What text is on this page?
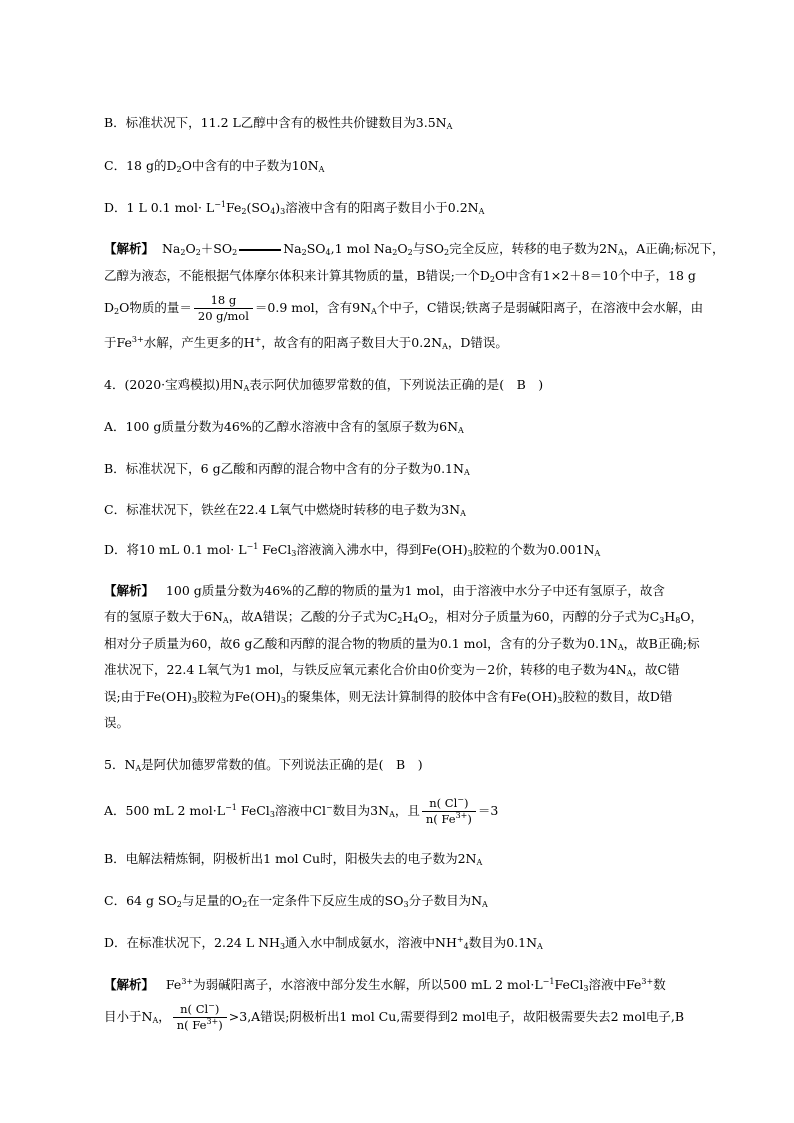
B．标准状况下，11.2 L乙醇中含有的极性共价键数目为$3.5N_A$
C．18 g的$D_2O$中含有的中子数为$10N_A$
D．1 L 0.1 $mol\cdot L^{-1}Fe_2(SO_4)_3$溶液中含有的阳离子数目小于$0.2N_A$
【解析】  $Na_2O_2+SO_2$	$Na_2SO_4,1$ mol $Na_2O_2$与$SO_2$完全反应，转移的电子数为$2N_A$，A正确;标况下，
乙醇为液态，不能根据气体摩尔体积来计算其物质的量，B错误;一个$D_2O$中含有1×2＋8＝10个中子，18 g
$D_2O$物质的量＝ $\frac{18 g}{\text{20 g/mol}} =0.9$ mol，含有$9N_A$个中子，C错误;铁离子是弱碱阳离子，在溶液中会水解，由
于$Fe^{3+}$水解，产生更多的H+，故含有的阳离子数目大于$0.2N_A$，D错误。
4．(2020·宝鸡模拟)用$N_A$表示阿伏加德罗常数的值，下列说法正确的是(　B　)
A．100 g质量分数为46%的乙醇水溶液中含有的氢原子数为$6N_A$
B．标准状况下，6 g乙酸和丙醇的混合物中含有的分子数为$0.1N_A$
C．标准状况下，铁丝在22.4 L氧气中燃烧时转移的电子数为$3N_A$
D．将10 mL 0.1 $mol\cdot L^{-1}$ FeCl$_3$溶液滴入沸水中，得到$Fe(OH)_3$胶粒的个数为$0.001N_A$
【解析】   100 g质量分数为46%的乙醇的物质的量为1 mol，由于溶液中水分子中还有氢原子，故含
有的氢原子数大于$6N_A$，故A错误；乙酸的分子式为$C_2H_4O_2$，相对分子质量为60，丙醇的分子式为$C_3H_8O$，
相对分子质量为60，故6 g乙酸和丙醇的混合物的物质的量为0.1 mol，含有的分子数为$0.1N_A$，故B正确;标
准状况下，22.4 L氧气为1 mol，与铁反应氧元素化合价由0价变为－2价，转移的电子数为$4N_A$，故C错
误;由于$Fe(OH)_3$胶粒为$Fe(OH)_3$的聚集体，则无法计算制得的胶体中含有$Fe(OH)_3$胶粒的数目，故D错
误。
5．$N_A$是阿伏加德罗常数的值。下列说法正确的是(　B　)
A．500 mL 2 $mol\cdot L^{-1}$ FeCl$_3$溶液中Cl−数目为$3N_A$，且 $\frac{n( Cl^-)}{n( Fe^{3+})} =3$
B．电解法精炼铜，阴极析出1 mol Cu时，阳极失去的电子数为$2N_A$
C．64 g $SO_2$与足量的$O_2$在一定条件下反应生成的$SO_3$分子数目为$N_A$
D．在标准状况下，2.24 L $NH_3$通入水中制成氨水，溶液中$NH^+_4$数目为$0.1N_A$
【解析】   $Fe^{3+}$为弱碱阳离子，水溶液中部分发生水解，所以500 mL 2 $mol\cdot L^{-1}FeCl_3$溶液中$Fe^{3+}$数
目小于$N_A$， $\frac{n( Cl^-)}{n( Fe^{3+})} >3,A$错误;阴极析出1 mol Cu,需要得到2 mol电子，故阳极需要失去2 mol电子,B
